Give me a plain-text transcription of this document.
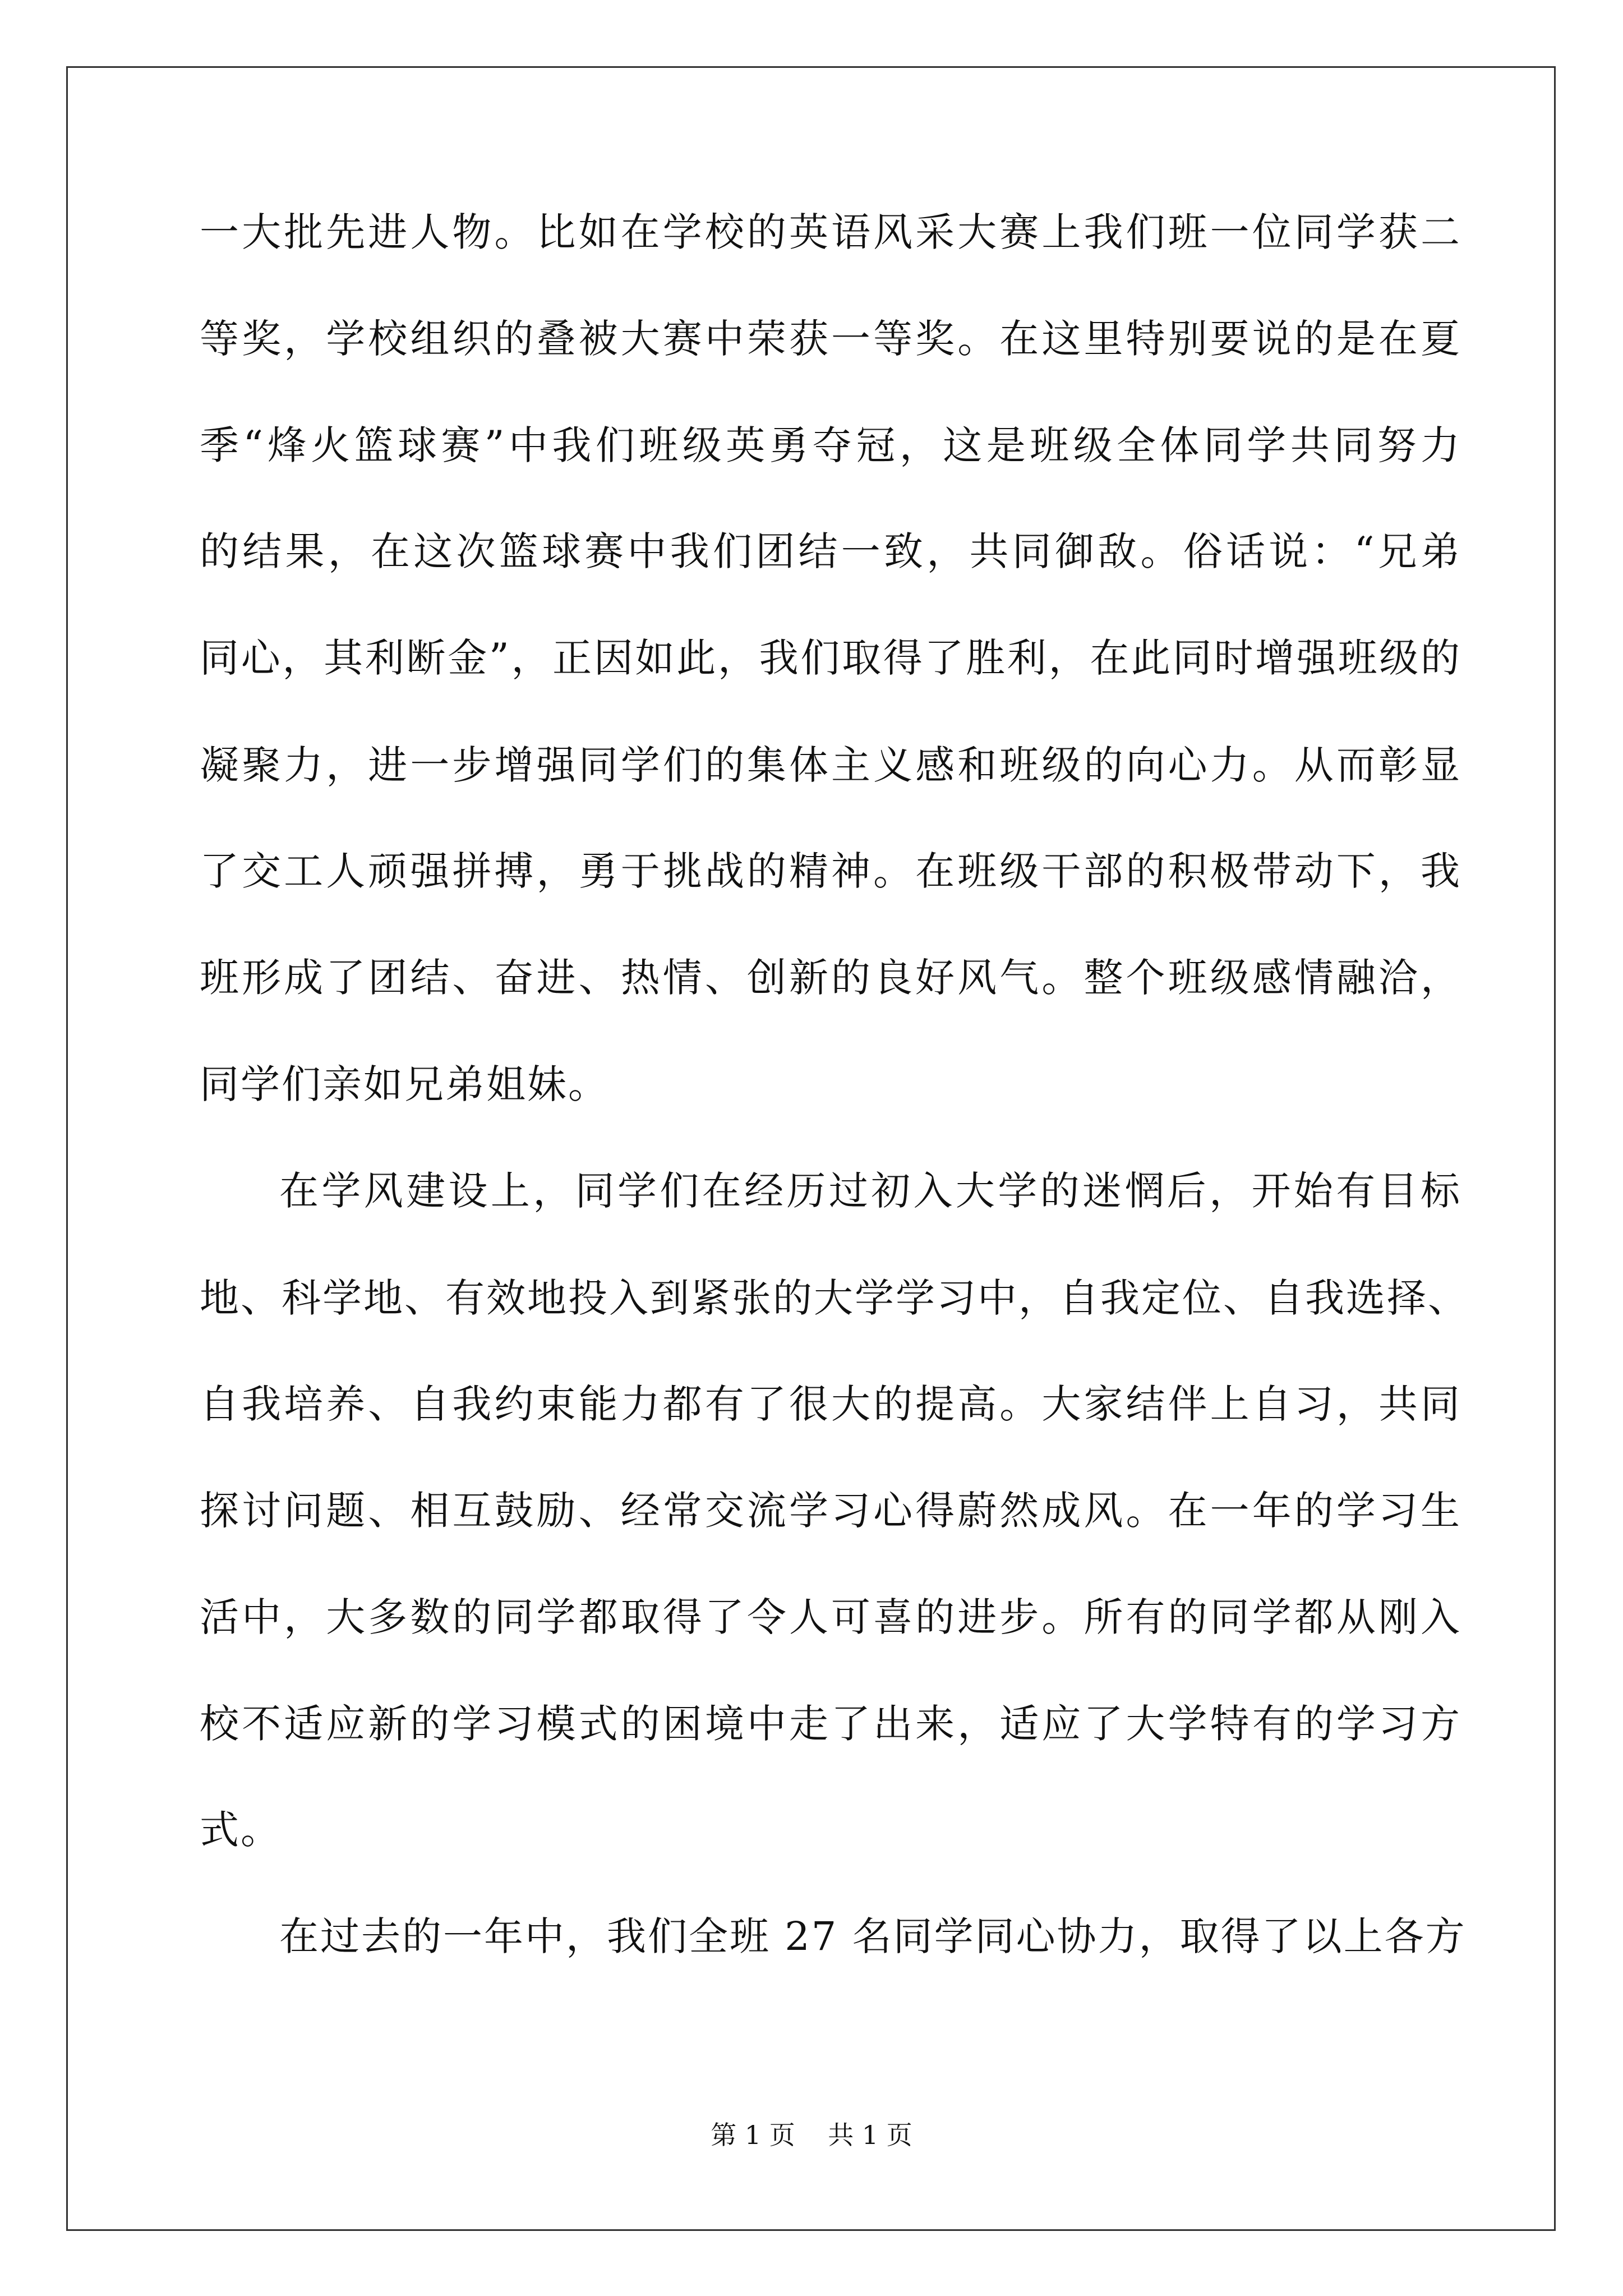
一大批先进人物。比如在学校的英语风采大赛上我们班一位同学获二
等奖，学校组织的叠被大赛中荣获一等奖。在这里特别要说的是在夏
季“烽火篮球赛”中我们班级英勇夺冠，这是班级全体同学共同努力
的结果，在这次篮球赛中我们团结一致，共同御敌。俗话说：“兄弟
同心，其利断金”，正因如此，我们取得了胜利，在此同时增强班级的
凝聚力，进一步增强同学们的集体主义感和班级的向心力。从而彰显
了交工人顽强拼搏，勇于挑战的精神。在班级干部的积极带动下，我
班形成了团结、奋进、热情、创新的良好风气。整个班级感情融洽，
同学们亲如兄弟姐妹。
在学风建设上，同学们在经历过初入大学的迷惘后，开始有目标
地、科学地、有效地投入到紧张的大学学习中，自我定位、自我选择、
自我培养、自我约束能力都有了很大的提高。大家结伴上自习，共同
探讨问题、相互鼓励、经常交流学习心得蔚然成风。在一年的学习生
活中，大多数的同学都取得了令人可喜的进步。所有的同学都从刚入
校不适应新的学习模式的困境中走了出来，适应了大学特有的学习方
式。
在过去的一年中，我们全班 27 名同学同心协力，取得了以上各方
第 1 页    共 1 页
